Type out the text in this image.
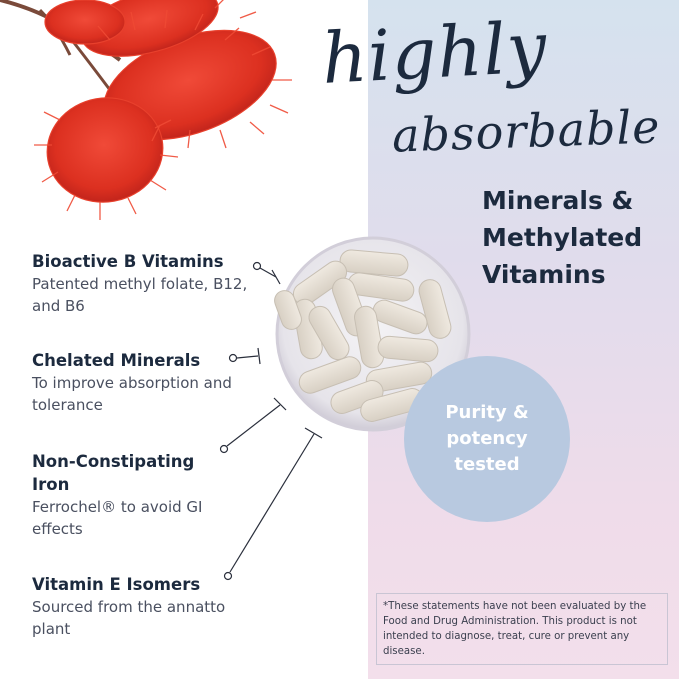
highly
absorbable
Minerals &
Methylated
Vitamins
Bioactive B Vitamins
Patented methyl folate, B12, and B6
Chelated Minerals
To improve absorption and tolerance
Non-Constipating Iron
Ferrochel® to avoid GI effects
Vitamin E Isomers
Sourced from the annatto plant
Purity & potency tested
*These statements have not been evaluated by the Food and Drug Administration. This product is not intended to diagnose, treat, cure or prevent any disease.
